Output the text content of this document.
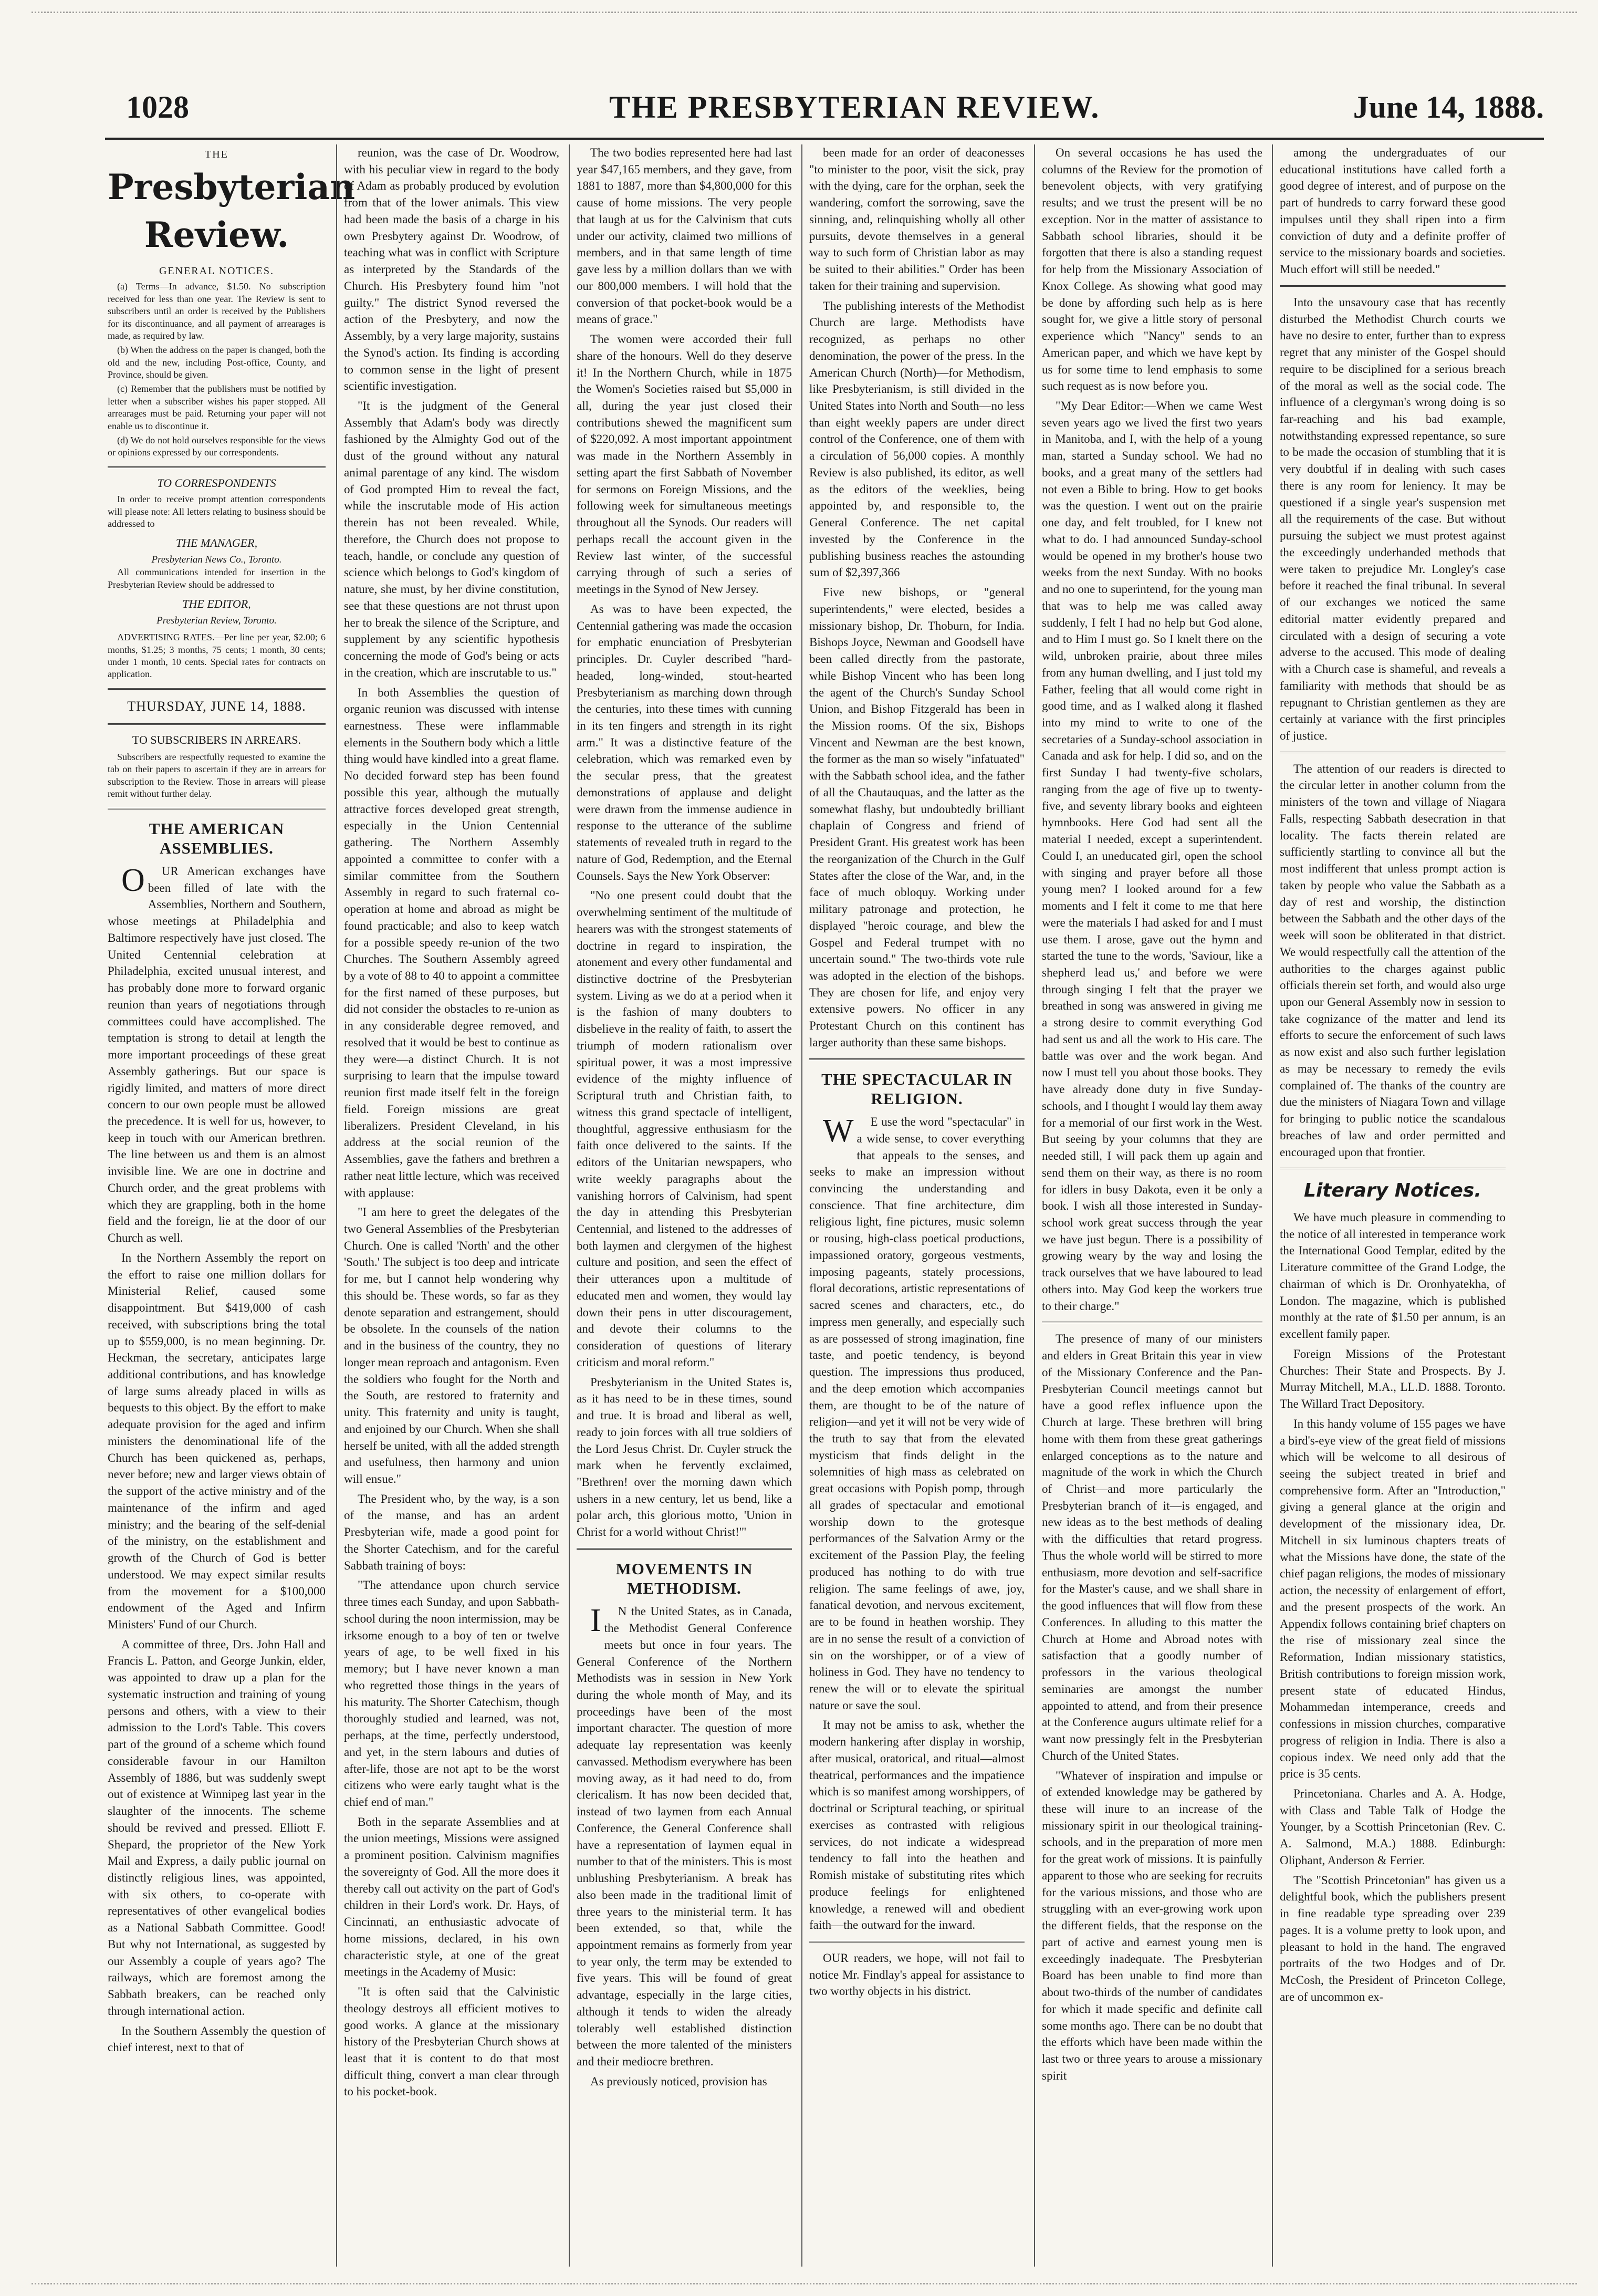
1028	THE PRESBYTERIAN REVIEW.	June 14, 1888.
THE
Presbyterian Review.
GENERAL NOTICES.

(a) Terms—In advance, $1.50. No subscription received for less than one year. The Review is sent to subscribers until an order is received by the Publishers for its discontinuance, and all payment of arrearages is made, as required by law.

(b) When the address on the paper is changed, both the old and the new, including Post-office, County, and Province, should be given.

(c) Remember that the publishers must be notified by letter when a subscriber wishes his paper stopped. All arrearages must be paid. Returning your paper will not enable us to discontinue it.

(d) We do not hold ourselves responsible for the views or opinions expressed by our correspondents.

TO CORRESPONDENTS

In order to receive prompt attention correspondents will please note: All letters relating to business should be addressed to

THE MANAGER,
Presbyterian News Co., Toronto.

All communications intended for insertion in the Presbyterian Review should be addressed to

THE EDITOR,
Presbyterian Review, Toronto.

ADVERTISING RATES.—Per line per year, $2.00; 6 months, $1.25; 3 months, 75 cents; 1 month, 30 cents; under 1 month, 10 cents. Special rates for contracts on application.

THURSDAY, JUNE 14, 1888.
TO SUBSCRIBERS IN ARREARS.

Subscribers are respectfully requested to examine the tab on their papers to ascertain if they are in arrears for subscription to the Review. Those in arrears will please remit without further delay.

THE AMERICAN ASSEMBLIES.

OUR American exchanges have been filled of late with the Assemblies, Northern and Southern, whose meetings at Philadelphia and Baltimore respectively have just closed. The United Centennial celebration at Philadelphia, excited unusual interest, and has probably done more to forward organic reunion than years of negotiations through committees could have accomplished. The temptation is strong to detail at length the more important proceedings of these great Assembly gatherings. But our space is rigidly limited, and matters of more direct concern to our own people must be allowed the precedence. It is well for us, however, to keep in touch with our American brethren. The line between us and them is an almost invisible line. We are one in doctrine and Church order, and the great problems with which they are grappling, both in the home field and the foreign, lie at the door of our Church as well.

In the Northern Assembly the report on the effort to raise one million dollars for Ministerial Relief, caused some disappointment. But $419,000 of cash received, with subscriptions bring the total up to $559,000, is no mean beginning. Dr. Heckman, the secretary, anticipates large additional contributions, and has knowledge of large sums already placed in wills as bequests to this object. By the effort to make adequate provision for the aged and infirm ministers the denominational life of the Church has been quickened as, perhaps, never before; new and larger views obtain of the support of the active ministry and of the maintenance of the infirm and aged ministry; and the bearing of the self-denial of the ministry, on the establishment and growth of the Church of God is better understood. We may expect similar results from the movement for a $100,000 endowment of the Aged and Infirm Ministers' Fund of our Church.

A committee of three, Drs. John Hall and Francis L. Patton, and George Junkin, elder, was appointed to draw up a plan for the systematic instruction and training of young persons and others, with a view to their admission to the Lord's Table. This covers part of the ground of a scheme which found considerable favour in our Hamilton Assembly of 1886, but was suddenly swept out of existence at Winnipeg last year in the slaughter of the innocents. The scheme should be revived and pressed. Elliott F. Shepard, the proprietor of the New York Mail and Express, a daily public journal on distinctly religious lines, was appointed, with six others, to co-operate with representatives of other evangelical bodies as a National Sabbath Committee. Good! But why not International, as suggested by our Assembly a couple of years ago? The railways, which are foremost among the Sabbath breakers, can be reached only through international action.

In the Southern Assembly the question of chief interest, next to that of

reunion, was the case of Dr. Woodrow, with his peculiar view in regard to the body of Adam as probably produced by evolution from that of the lower animals. This view had been made the basis of a charge in his own Presbytery against Dr. Woodrow, of teaching what was in conflict with Scripture as interpreted by the Standards of the Church. His Presbytery found him "not guilty." The district Synod reversed the action of the Presbytery, and now the Assembly, by a very large majority, sustains the Synod's action. Its finding is according to common sense in the light of present scientific investigation.

"It is the judgment of the General Assembly that Adam's body was directly fashioned by the Almighty God out of the dust of the ground without any natural animal parentage of any kind. The wisdom of God prompted Him to reveal the fact, while the inscrutable mode of His action therein has not been revealed. While, therefore, the Church does not propose to teach, handle, or conclude any question of science which belongs to God's kingdom of nature, she must, by her divine constitution, see that these questions are not thrust upon her to break the silence of the Scripture, and supplement by any scientific hypothesis concerning the mode of God's being or acts in the creation, which are inscrutable to us."

In both Assemblies the question of organic reunion was discussed with intense earnestness. These were inflammable elements in the Southern body which a little thing would have kindled into a great flame. No decided forward step has been found possible this year, although the mutually attractive forces developed great strength, especially in the Union Centennial gathering. The Northern Assembly appointed a committee to confer with a similar committee from the Southern Assembly in regard to such fraternal co-operation at home and abroad as might be found practicable; and also to keep watch for a possible speedy re-union of the two Churches. The Southern Assembly agreed by a vote of 88 to 40 to appoint a committee for the first named of these purposes, but did not consider the obstacles to re-union as in any considerable degree removed, and resolved that it would be best to continue as they were—a distinct Church. It is not surprising to learn that the impulse toward reunion first made itself felt in the foreign field. Foreign missions are great liberalizers. President Cleveland, in his address at the social reunion of the Assemblies, gave the fathers and brethren a rather neat little lecture, which was received with applause:

"I am here to greet the delegates of the two General Assemblies of the Presbyterian Church. One is called 'North' and the other 'South.' The subject is too deep and intricate for me, but I cannot help wondering why this should be. These words, so far as they denote separation and estrangement, should be obsolete. In the counsels of the nation and in the business of the country, they no longer mean reproach and antagonism. Even the soldiers who fought for the North and the South, are restored to fraternity and unity. This fraternity and unity is taught, and enjoined by our Church. When she shall herself be united, with all the added strength and usefulness, then harmony and union will ensue."

The President who, by the way, is a son of the manse, and has an ardent Presbyterian wife, made a good point for the Shorter Catechism, and for the careful Sabbath training of boys:

"The attendance upon church service three times each Sunday, and upon Sabbath-school during the noon intermission, may be irksome enough to a boy of ten or twelve years of age, to be well fixed in his memory; but I have never known a man who regretted those things in the years of his maturity. The Shorter Catechism, though thoroughly studied and learned, was not, perhaps, at the time, perfectly understood, and yet, in the stern labours and duties of after-life, those are not apt to be the worst citizens who were early taught what is the chief end of man."

Both in the separate Assemblies and at the union meetings, Missions were assigned a prominent position. Calvinism magnifies the sovereignty of God. All the more does it thereby call out activity on the part of God's children in their Lord's work. Dr. Hays, of Cincinnati, an enthusiastic advocate of home missions, declared, in his own characteristic style, at one of the great meetings in the Academy of Music:

"It is often said that the Calvinistic theology destroys all efficient motives to good works. A glance at the missionary history of the Presbyterian Church shows at least that it is content to do that most difficult thing, convert a man clear through to his pocket-book.

The two bodies represented here had last year $47,165 members, and they gave, from 1881 to 1887, more than $4,800,000 for this cause of home missions. The very people that laugh at us for the Calvinism that cuts under our activity, claimed two millions of members, and in that same length of time gave less by a million dollars than we with our 800,000 members. I will hold that the conversion of that pocket-book would be a means of grace."

The women were accorded their full share of the honours. Well do they deserve it! In the Northern Church, while in 1875 the Women's Societies raised but $5,000 in all, during the year just closed their contributions shewed the magnificent sum of $220,092. A most important appointment was made in the Northern Assembly in setting apart the first Sabbath of November for sermons on Foreign Missions, and the following week for simultaneous meetings throughout all the Synods. Our readers will perhaps recall the account given in the Review last winter, of the successful carrying through of such a series of meetings in the Synod of New Jersey.

As was to have been expected, the Centennial gathering was made the occasion for emphatic enunciation of Presbyterian principles. Dr. Cuyler described "hard-headed, long-winded, stout-hearted Presbyterianism as marching down through the centuries, into these times with cunning in its ten fingers and strength in its right arm." It was a distinctive feature of the celebration, which was remarked even by the secular press, that the greatest demonstrations of applause and delight were drawn from the immense audience in response to the utterance of the sublime statements of revealed truth in regard to the nature of God, Redemption, and the Eternal Counsels. Says the New York Observer:

"No one present could doubt that the overwhelming sentiment of the multitude of hearers was with the strongest statements of doctrine in regard to inspiration, the atonement and every other fundamental and distinctive doctrine of the Presbyterian system. Living as we do at a period when it is the fashion of many doubters to disbelieve in the reality of faith, to assert the triumph of modern rationalism over spiritual power, it was a most impressive evidence of the mighty influence of Scriptural truth and Christian faith, to witness this grand spectacle of intelligent, thoughtful, aggressive enthusiasm for the faith once delivered to the saints. If the editors of the Unitarian newspapers, who write weekly paragraphs about the vanishing horrors of Calvinism, had spent the day in attending this Presbyterian Centennial, and listened to the addresses of both laymen and clergymen of the highest culture and position, and seen the effect of their utterances upon a multitude of educated men and women, they would lay down their pens in utter discouragement, and devote their columns to the consideration of questions of literary criticism and moral reform."

Presbyterianism in the United States is, as it has need to be in these times, sound and true. It is broad and liberal as well, ready to join forces with all true soldiers of the Lord Jesus Christ. Dr. Cuyler struck the mark when he fervently exclaimed, "Brethren! over the morning dawn which ushers in a new century, let us bend, like a polar arch, this glorious motto, 'Union in Christ for a world without Christ!'"

MOVEMENTS IN METHODISM.

IN the United States, as in Canada, the Methodist General Conference meets but once in four years. The General Conference of the Northern Methodists was in session in New York during the whole month of May, and its proceedings have been of the most important character. The question of more adequate lay representation was keenly canvassed. Methodism everywhere has been moving away, as it had need to do, from clericalism. It has now been decided that, instead of two laymen from each Annual Conference, the General Conference shall have a representation of laymen equal in number to that of the ministers. This is most unblushing Presbyterianism. A break has also been made in the traditional limit of three years to the ministerial term. It has been extended, so that, while the appointment remains as formerly from year to year only, the term may be extended to five years. This will be found of great advantage, especially in the large cities, although it tends to widen the already tolerably well established distinction between the more talented of the ministers and their mediocre brethren.

As previously noticed, provision has

been made for an order of deaconesses "to minister to the poor, visit the sick, pray with the dying, care for the orphan, seek the wandering, comfort the sorrowing, save the sinning, and, relinquishing wholly all other pursuits, devote themselves in a general way to such form of Christian labor as may be suited to their abilities." Order has been taken for their training and supervision.

The publishing interests of the Methodist Church are large. Methodists have recognized, as perhaps no other denomination, the power of the press. In the American Church (North)—for Methodism, like Presbyterianism, is still divided in the United States into North and South—no less than eight weekly papers are under direct control of the Conference, one of them with a circulation of 56,000 copies. A monthly Review is also published, its editor, as well as the editors of the weeklies, being appointed by, and responsible to, the General Conference. The net capital invested by the Conference in the publishing business reaches the astounding sum of $2,397,366

Five new bishops, or "general superintendents," were elected, besides a missionary bishop, Dr. Thoburn, for India. Bishops Joyce, Newman and Goodsell have been called directly from the pastorate, while Bishop Vincent who has been long the agent of the Church's Sunday School Union, and Bishop Fitzgerald has been in the Mission rooms. Of the six, Bishops Vincent and Newman are the best known, the former as the man so wisely "infatuated" with the Sabbath school idea, and the father of all the Chautauquas, and the latter as the somewhat flashy, but undoubtedly brilliant chaplain of Congress and friend of President Grant. His greatest work has been the reorganization of the Church in the Gulf States after the close of the War, and, in the face of much obloquy. Working under military patronage and protection, he displayed "heroic courage, and blew the Gospel and Federal trumpet with no uncertain sound." The two-thirds vote rule was adopted in the election of the bishops. They are chosen for life, and enjoy very extensive powers. No officer in any Protestant Church on this continent has larger authority than these same bishops.

THE SPECTACULAR IN RELIGION.

WE use the word "spectacular" in a wide sense, to cover everything that appeals to the senses, and seeks to make an impression without convincing the understanding and conscience. That fine architecture, dim religious light, fine pictures, music solemn or rousing, high-class poetical productions, impassioned oratory, gorgeous vestments, imposing pageants, stately processions, floral decorations, artistic representations of sacred scenes and characters, etc., do impress men generally, and especially such as are possessed of strong imagination, fine taste, and poetic tendency, is beyond question. The impressions thus produced, and the deep emotion which accompanies them, are thought to be of the nature of religion—and yet it will not be very wide of the truth to say that from the elevated mysticism that finds delight in the solemnities of high mass as celebrated on great occasions with Popish pomp, through all grades of spectacular and emotional worship down to the grotesque performances of the Salvation Army or the excitement of the Passion Play, the feeling produced has nothing to do with true religion. The same feelings of awe, joy, fanatical devotion, and nervous excitement, are to be found in heathen worship. They are in no sense the result of a conviction of sin on the worshipper, or of a view of holiness in God. They have no tendency to renew the will or to elevate the spiritual nature or save the soul.

It may not be amiss to ask, whether the modern hankering after display in worship, after musical, oratorical, and ritual—almost theatrical, performances and the impatience which is so manifest among worshippers, of doctrinal or Scriptural teaching, or spiritual exercises as contrasted with religious services, do not indicate a widespread tendency to fall into the heathen and Romish mistake of substituting rites which produce feelings for enlightened knowledge, a renewed will and obedient faith—the outward for the inward.

OUR readers, we hope, will not fail to notice Mr. Findlay's appeal for assistance to two worthy objects in his district.

On several occasions he has used the columns of the Review for the promotion of benevolent objects, with very gratifying results; and we trust the present will be no exception. Nor in the matter of assistance to Sabbath school libraries, should it be forgotten that there is also a standing request for help from the Missionary Association of Knox College. As showing what good may be done by affording such help as is here sought for, we give a little story of personal experience which "Nancy" sends to an American paper, and which we have kept by us for some time to lend emphasis to some such request as is now before you.

"My Dear Editor:—When we came West seven years ago we lived the first two years in Manitoba, and I, with the help of a young man, started a Sunday school. We had no books, and a great many of the settlers had not even a Bible to bring. How to get books was the question. I went out on the prairie one day, and felt troubled, for I knew not what to do. I had announced Sunday-school would be opened in my brother's house two weeks from the next Sunday. With no books and no one to superintend, for the young man that was to help me was called away suddenly, I felt I had no help but God alone, and to Him I must go. So I knelt there on the wild, unbroken prairie, about three miles from any human dwelling, and I just told my Father, feeling that all would come right in good time, and as I walked along it flashed into my mind to write to one of the secretaries of a Sunday-school association in Canada and ask for help. I did so, and on the first Sunday I had twenty-five scholars, ranging from the age of five up to twenty-five, and seventy library books and eighteen hymnbooks. Here God had sent all the material I needed, except a superintendent. Could I, an uneducated girl, open the school with singing and prayer before all those young men? I looked around for a few moments and I felt it come to me that here were the materials I had asked for and I must use them. I arose, gave out the hymn and started the tune to the words, 'Saviour, like a shepherd lead us,' and before we were through singing I felt that the prayer we breathed in song was answered in giving me a strong desire to commit everything God had sent us and all the work to His care. The battle was over and the work began. And now I must tell you about those books. They have already done duty in five Sunday-schools, and I thought I would lay them away for a memorial of our first work in the West. But seeing by your columns that they are needed still, I will pack them up again and send them on their way, as there is no room for idlers in busy Dakota, even it be only a book. I wish all those interested in Sunday-school work great success through the year we have just begun. There is a possibility of growing weary by the way and losing the track ourselves that we have laboured to lead others into. May God keep the workers true to their charge."

The presence of many of our ministers and elders in Great Britain this year in view of the Missionary Conference and the Pan-Presbyterian Council meetings cannot but have a good reflex influence upon the Church at large. These brethren will bring home with them from these great gatherings enlarged conceptions as to the nature and magnitude of the work in which the Church of Christ—and more particularly the Presbyterian branch of it—is engaged, and new ideas as to the best methods of dealing with the difficulties that retard progress. Thus the whole world will be stirred to more enthusiasm, more devotion and self-sacrifice for the Master's cause, and we shall share in the good influences that will flow from these Conferences. In alluding to this matter the Church at Home and Abroad notes with satisfaction that a goodly number of professors in the various theological seminaries are amongst the number appointed to attend, and from their presence at the Conference augurs ultimate relief for a want now pressingly felt in the Presbyterian Church of the United States.

"Whatever of inspiration and impulse or of extended knowledge may be gathered by these will inure to an increase of the missionary spirit in our theological training-schools, and in the preparation of more men for the great work of missions. It is painfully apparent to those who are seeking for recruits for the various missions, and those who are struggling with an ever-growing work upon the different fields, that the response on the part of active and earnest young men is exceedingly inadequate. The Presbyterian Board has been unable to find more than about two-thirds of the number of candidates for which it made specific and definite call some months ago. There can be no doubt that the efforts which have been made within the last two or three years to arouse a missionary spirit

among the undergraduates of our educational institutions have called forth a good degree of interest, and of purpose on the part of hundreds to carry forward these good impulses until they shall ripen into a firm conviction of duty and a definite proffer of service to the missionary boards and societies. Much effort will still be needed."

Into the unsavoury case that has recently disturbed the Methodist Church courts we have no desire to enter, further than to express regret that any minister of the Gospel should require to be disciplined for a serious breach of the moral as well as the social code. The influence of a clergyman's wrong doing is so far-reaching and his bad example, notwithstanding expressed repentance, so sure to be made the occasion of stumbling that it is very doubtful if in dealing with such cases there is any room for leniency. It may be questioned if a single year's suspension met all the requirements of the case. But without pursuing the subject we must protest against the exceedingly underhanded methods that were taken to prejudice Mr. Longley's case before it reached the final tribunal. In several of our exchanges we noticed the same editorial matter evidently prepared and circulated with a design of securing a vote adverse to the accused. This mode of dealing with a Church case is shameful, and reveals a familiarity with methods that should be as repugnant to Christian gentlemen as they are certainly at variance with the first principles of justice.

The attention of our readers is directed to the circular letter in another column from the ministers of the town and village of Niagara Falls, respecting Sabbath desecration in that locality. The facts therein related are sufficiently startling to convince all but the most indifferent that unless prompt action is taken by people who value the Sabbath as a day of rest and worship, the distinction between the Sabbath and the other days of the week will soon be obliterated in that district. We would respectfully call the attention of the authorities to the charges against public officials therein set forth, and would also urge upon our General Assembly now in session to take cognizance of the matter and lend its efforts to secure the enforcement of such laws as now exist and also such further legislation as may be necessary to remedy the evils complained of. The thanks of the country are due the ministers of Niagara Town and village for bringing to public notice the scandalous breaches of law and order permitted and encouraged upon that frontier.

Literary Notices.

We have much pleasure in commending to the notice of all interested in temperance work the International Good Templar, edited by the Literature committee of the Grand Lodge, the chairman of which is Dr. Oronhyatekha, of London. The magazine, which is published monthly at the rate of $1.50 per annum, is an excellent family paper.

Foreign Missions of the Protestant Churches: Their State and Prospects. By J. Murray Mitchell, M.A., LL.D. 1888. Toronto. The Willard Tract Depository.

In this handy volume of 155 pages we have a bird's-eye view of the great field of missions which will be welcome to all desirous of seeing the subject treated in brief and comprehensive form. After an "Introduction," giving a general glance at the origin and development of the missionary idea, Dr. Mitchell in six luminous chapters treats of what the Missions have done, the state of the chief pagan religions, the modes of missionary action, the necessity of enlargement of effort, and the present prospects of the work. An Appendix follows containing brief chapters on the rise of missionary zeal since the Reformation, Indian missionary statistics, British contributions to foreign mission work, present state of educated Hindus, Mohammedan intemperance, creeds and confessions in mission churches, comparative progress of religion in India. There is also a copious index. We need only add that the price is 35 cents.

Princetoniana. Charles and A. A. Hodge, with Class and Table Talk of Hodge the Younger, by a Scottish Princetonian (Rev. C. A. Salmond, M.A.) 1888. Edinburgh: Oliphant, Anderson & Ferrier.

The "Scottish Princetonian" has given us a delightful book, which the publishers present in fine readable type spreading over 239 pages. It is a volume pretty to look upon, and pleasant to hold in the hand. The engraved portraits of the two Hodges and of Dr. McCosh, the President of Princeton College, are of uncommon ex-
